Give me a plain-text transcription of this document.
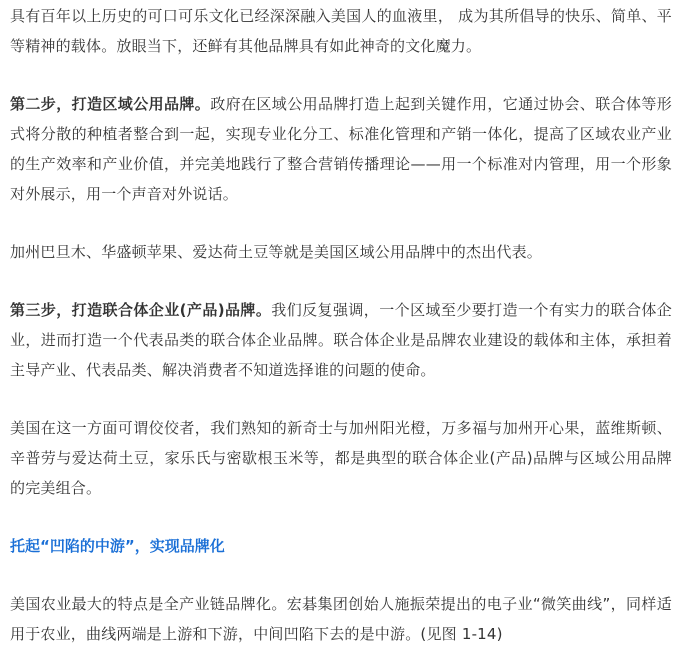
具有百年以上历史的可口可乐文化已经深深融入美国人的血液里， 成为其所倡导的快乐、简单、平等精神的载体。放眼当下，还鲜有其他品牌具有如此神奇的文化魔力。

第二步，打造区域公用品牌。政府在区域公用品牌打造上起到关键作用，它通过协会、联合体等形式将分散的种植者整合到一起，实现专业化分工、标准化管理和产销一体化，提高了区域农业产业的生产效率和产业价值，并完美地践行了整合营销传播理论——用一个标准对内管理，用一个形象对外展示，用一个声音对外说话。

加州巴旦木、华盛顿苹果、爱达荷土豆等就是美国区域公用品牌中的杰出代表。

第三步，打造联合体企业(产品)品牌。我们反复强调，一个区域至少要打造一个有实力的联合体企业，进而打造一个代表品类的联合体企业品牌。联合体企业是品牌农业建设的载体和主体，承担着主导产业、代表品类、解决消费者不知道选择谁的问题的使命。

美国在这一方面可谓佼佼者，我们熟知的新奇士与加州阳光橙，万多福与加州开心果，蓝维斯顿、辛普劳与爱达荷土豆，家乐氏与密歇根玉米等，都是典型的联合体企业(产品)品牌与区域公用品牌的完美组合。

托起“凹陷的中游”，实现品牌化

美国农业最大的特点是全产业链品牌化。宏碁集团创始人施振荣提出的电子业“微笑曲线”，同样适用于农业，曲线两端是上游和下游，中间凹陷下去的是中游。(见图 1-14)
